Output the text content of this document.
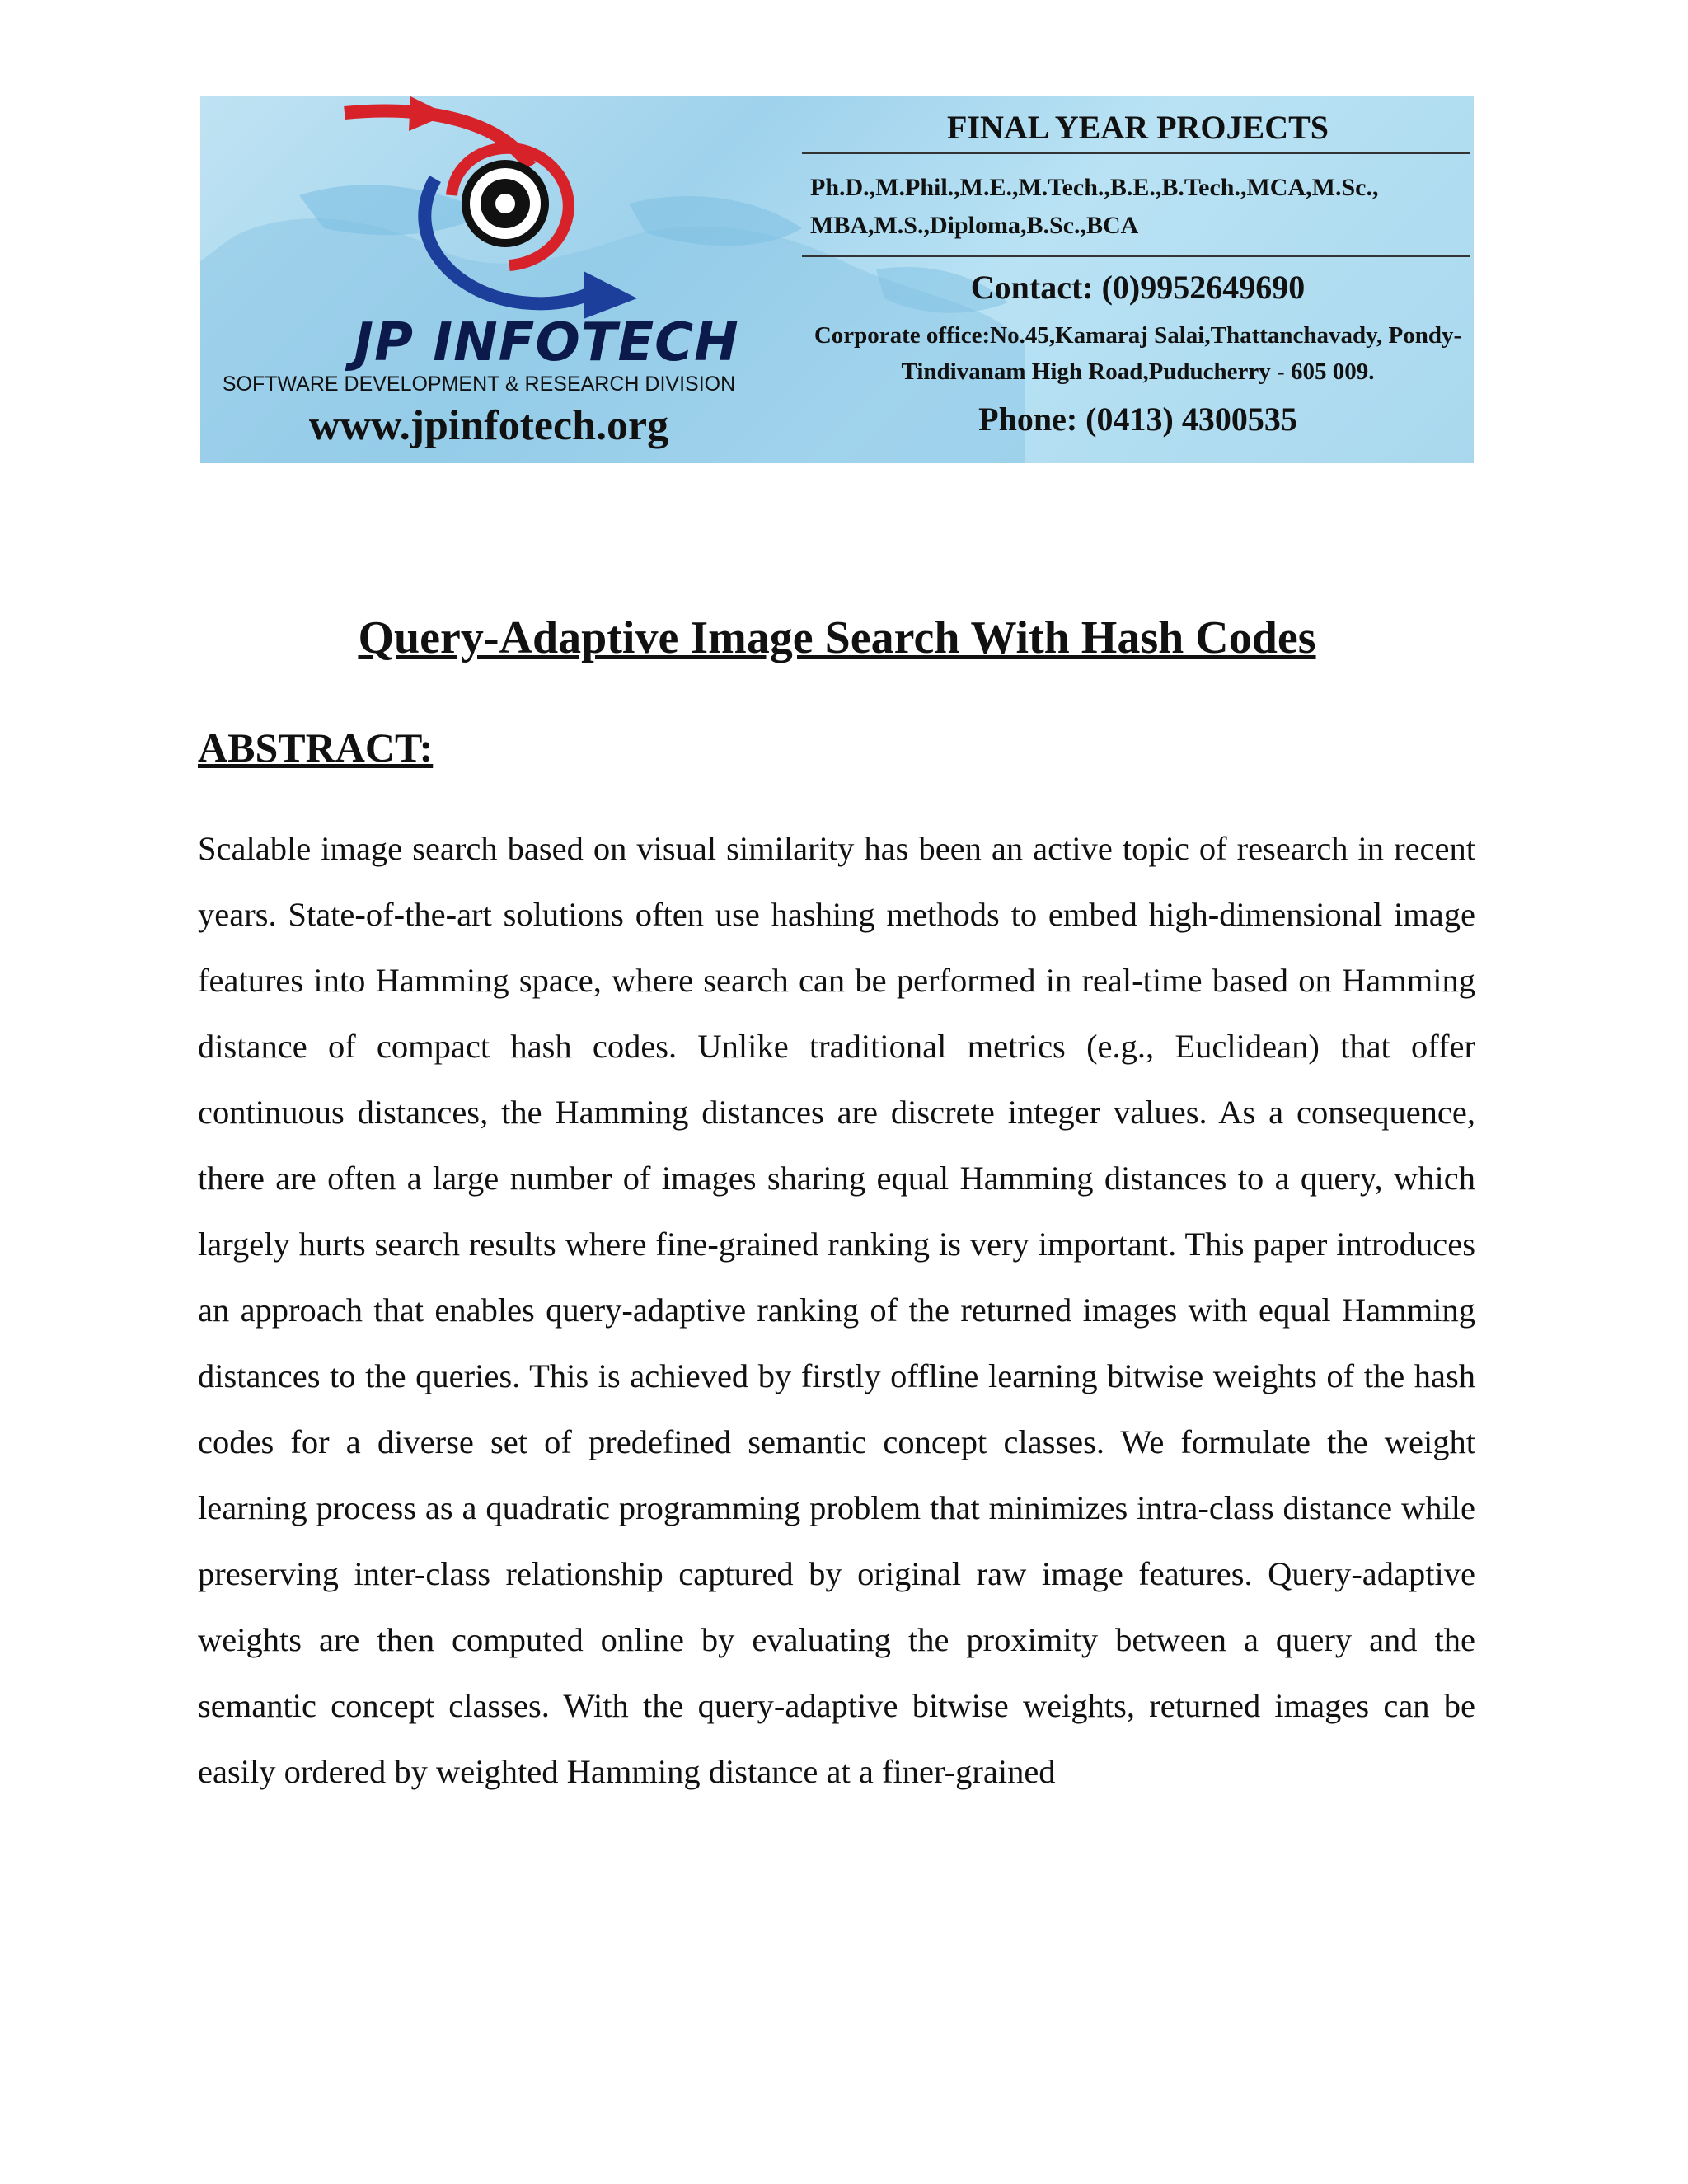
JP INFOTECH
SOFTWARE DEVELOPMENT & RESEARCH DIVISION
www.jpinfotech.org
FINAL YEAR PROJECTS
Ph.D.,M.Phil.,M.E.,M.Tech.,B.E.,B.Tech.,MCA,M.Sc., MBA,M.S.,Diploma,B.Sc.,BCA
Contact: (0)9952649690
Corporate office:No.45,Kamaraj Salai,Thattanchavady, Pondy-Tindivanam High Road,Puducherry - 605 009.
Phone: (0413) 4300535
Query-Adaptive Image Search With Hash Codes
ABSTRACT:
Scalable image search based on visual similarity has been an active topic of research in recent years. State-of-the-art solutions often use hashing methods to embed high-dimensional image features into Hamming space, where search can be performed in real-time based on Hamming distance of compact hash codes. Unlike traditional metrics (e.g., Euclidean) that offer continuous distances, the Hamming distances are discrete integer values. As a consequence, there are often a large number of images sharing equal Hamming distances to a query, which largely hurts search results where fine-grained ranking is very important. This paper introduces an approach that enables query-adaptive ranking of the returned images with equal Hamming distances to the queries. This is achieved by firstly offline learning bitwise weights of the hash codes for a diverse set of predefined semantic concept classes. We formulate the weight learning process as a quadratic programming problem that minimizes intra-class distance while preserving inter-class relationship captured by original raw image features. Query-adaptive weights are then computed online by evaluating the proximity between a query and the semantic concept classes. With the query-adaptive bitwise weights, returned images can be easily ordered by weighted Hamming distance at a finer-grained
